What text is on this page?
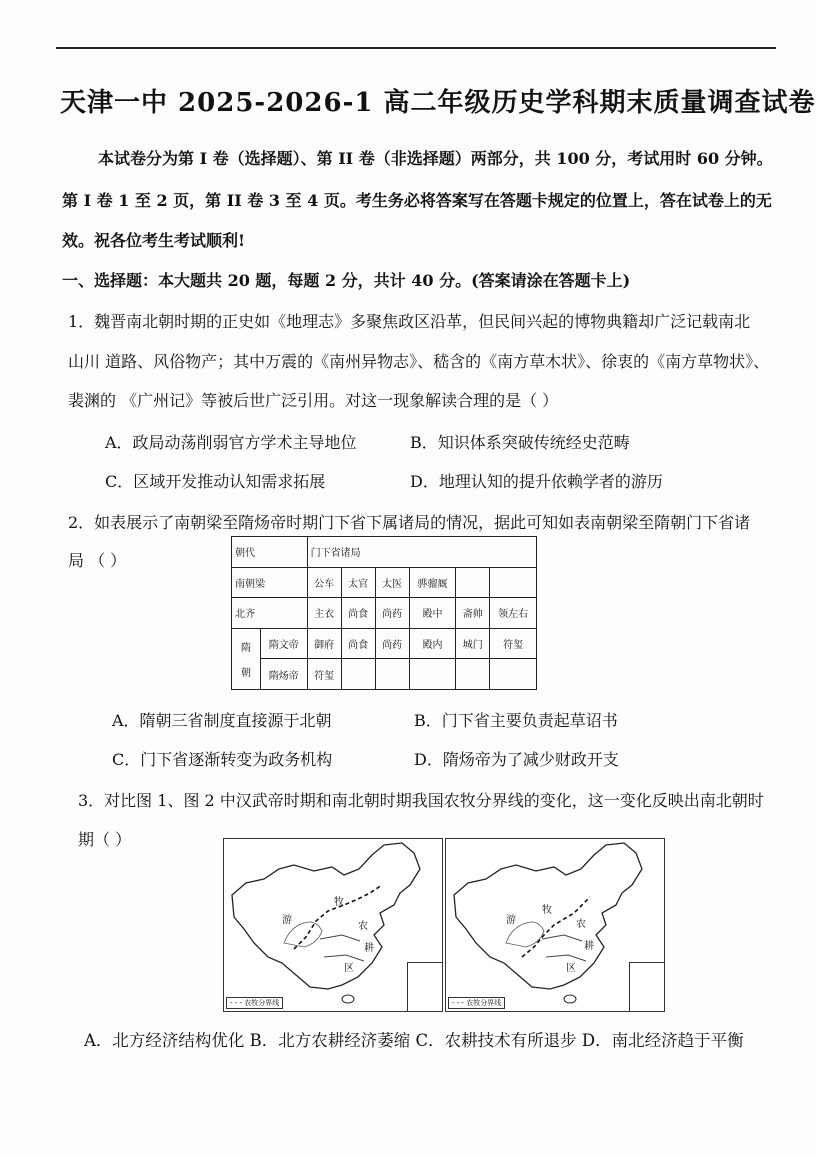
天津一中 2025-2026-1 高二年级历史学科期末质量调查试卷
本试卷分为第 I 卷（选择题）、第 II 卷（非选择题）两部分，共 100 分，考试用时 60 分钟。
第 I 卷 1 至 2 页，第 II 卷 3 至 4 页。考生务必将答案写在答题卡规定的位置上，答在试卷上的无
效。祝各位考生考试顺利!
一、选择题：本大题共 20 题，每题 2 分，共计 40 分。(答案请涂在答题卡上)
1．魏晋南北朝时期的正史如《地理志》多聚焦政区沿革，但民间兴起的博物典籍却广泛记载南北
山川 道路、风俗物产；其中万震的《南州异物志》、嵇含的《南方草木状》、徐衷的《南方草物状》、
裴渊的 《广州记》等被后世广泛引用。对这一现象解读合理的是（ ）
A．政局动荡削弱官方学术主导地位	B．知识体系突破传统经史范畴
C．区域开发推动认知需求拓展	D．地理认知的提升依赖学者的游历
2．如表展示了南朝梁至隋炀帝时期门下省下属诸局的情况，据此可知如表南朝梁至隋朝门下省诸
局 （ ）	朝代		门下省诸局					
南朝梁		公车	太官	太医	骅骝厩		
北齐		主衣	尚食	尚药	殿中	斋帅	领左右

隋
朝	隋文帝	御府	尚食	尚药	殿内	城门	符玺
	隋炀帝	符玺					
A．隋朝三省制度直接源于北朝	B．门下省主要负责起草诏书
C．门下省逐渐转变为政务机构	D．隋炀帝为了减少财政开支
3．对比图 1、图 2 中汉武帝时期和南北朝时期我国农牧分界线的变化，这一变化反映出南北朝时
期（ ）
游
牧
农
耕
区
- - - 农牧分界线
游
牧
农
耕
区
- - - 农牧分界线
A．北方经济结构优化 B．北方农耕经济萎缩 C．农耕技术有所退步 D．南北经济趋于平衡
